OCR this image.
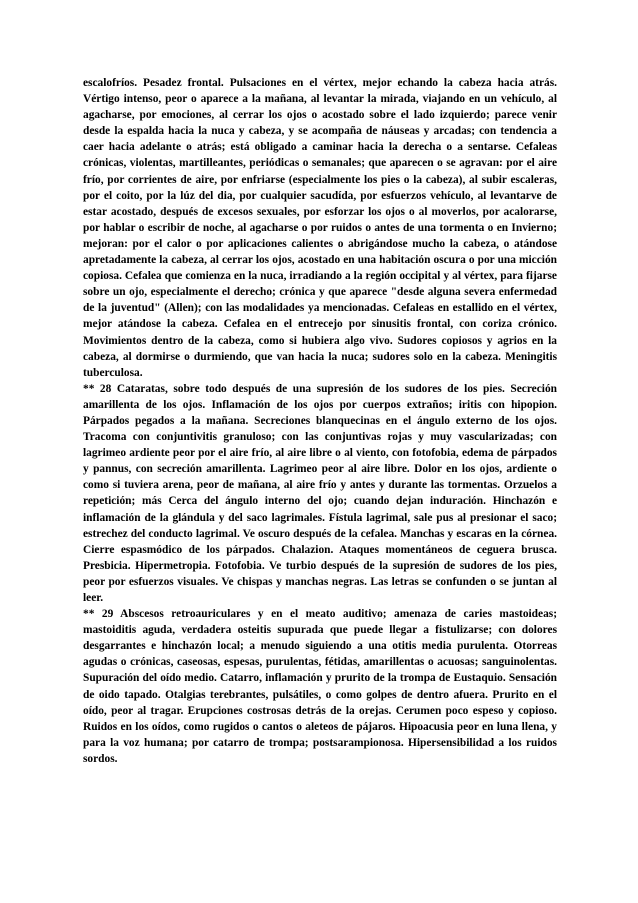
escalofríos. Pesadez frontal. Pulsaciones en el vértex, mejor echando la cabeza hacia atrás. Vértigo intenso, peor o aparece a la mañana, al levantar la mirada, viajando en un vehículo, al agacharse, por emociones, al cerrar los ojos o acostado sobre el lado izquierdo; parece venir desde la espalda hacia la nuca y cabeza, y se acompaña de náuseas y arcadas; con tendencia a caer hacia adelante o atrás; está obligado a caminar hacia la derecha o a sentarse. Cefaleas crónicas, violentas, martilleantes, periódicas o semanales; que aparecen o se agravan: por el aire frío, por corrientes de aire, por enfriarse (especialmente los pies o la cabeza), al subir escaleras, por el coito, por la lúz del dia, por cualquier sacudída, por esfuerzos vehículo, al levantarve de estar acostado, después de excesos sexuales, por esforzar los ojos o al moverlos, por acalorarse, por hablar o escribir de noche, al agacharse o por ruidos o antes de una tormenta o en Invierno; mejoran: por el calor o por aplicaciones calientes o abrigándose mucho la cabeza, o atándose apretadamente la cabeza, al cerrar los ojos, acostado en una habitación oscura o por una micción copiosa. Cefalea que comienza en la nuca, irradiando a la región occipital y al vértex, para fijarse sobre un ojo, especialmente el derecho; crónica y que aparece "desde alguna severa enfermedad de la juventud" (Allen); con las modalidades ya mencionadas. Cefaleas en estallido en el vértex, mejor atándose la cabeza. Cefalea en el entrecejo por sinusitis frontal, con coriza crónico. Movimientos dentro de la cabeza, como si hubiera algo vivo. Sudores copiosos y agrios en la cabeza, al dormirse o durmiendo, que van hacia la nuca; sudores solo en la cabeza. Meningitis tuberculosa.

** 28 Cataratas, sobre todo después de una supresión de los sudores de los pies. Secreción amarillenta de los ojos. Inflamación de los ojos por cuerpos extraños; iritis con hipopion. Párpados pegados a la mañana. Secreciones blanquecinas en el ángulo externo de los ojos. Tracoma con conjuntivitis granuloso; con las conjuntivas rojas y muy vascularizadas; con lagrimeo ardiente peor por el aire frío, al aire libre o al viento, con fotofobia, edema de párpados y pannus, con secreción amarillenta. Lagrimeo peor al aire libre. Dolor en los ojos, ardiente o como si tuviera arena, peor de mañana, al aire frío y antes y durante las tormentas. Orzuelos a repetición; más Cerca del ángulo interno del ojo; cuando dejan induración. Hinchazón e inflamación de la glándula y del saco lagrimales. Fístula lagrimal, sale pus al presionar el saco; estrechez del conducto lagrimal. Ve oscuro después de la cefalea. Manchas y escaras en la córnea. Cierre espasmódico de los párpados. Chalazion. Ataques momentáneos de ceguera brusca. Presbicia. Hipermetropia. Fotofobia. Ve turbio después de la supresión de sudores de los pies, peor por esfuerzos visuales. Ve chispas y manchas negras. Las letras se confunden o se juntan al leer.

** 29 Abscesos retroauriculares y en el meato auditivo; amenaza de caries mastoideas; mastoiditis aguda, verdadera osteitis supurada que puede llegar a fistulizarse; con dolores desgarrantes e hinchazón local; a menudo siguiendo a una otitis media purulenta. Otorreas agudas o crónicas, caseosas, espesas, purulentas, fétidas, amarillentas o acuosas; sanguinolentas. Supuración del oído medio. Catarro, inflamación y prurito de la trompa de Eustaquio. Sensación de oido tapado. Otalgias terebrantes, pulsátiles, o como golpes de dentro afuera. Prurito en el oído, peor al tragar. Erupciones costrosas detrás de la orejas. Cerumen poco espeso y copioso. Ruidos en los oídos, como rugidos o cantos o aleteos de pájaros. Hipoacusia peor en luna llena, y para la voz humana; por catarro de trompa; postsarampionosa. Hipersensibilidad a los ruidos sordos.
